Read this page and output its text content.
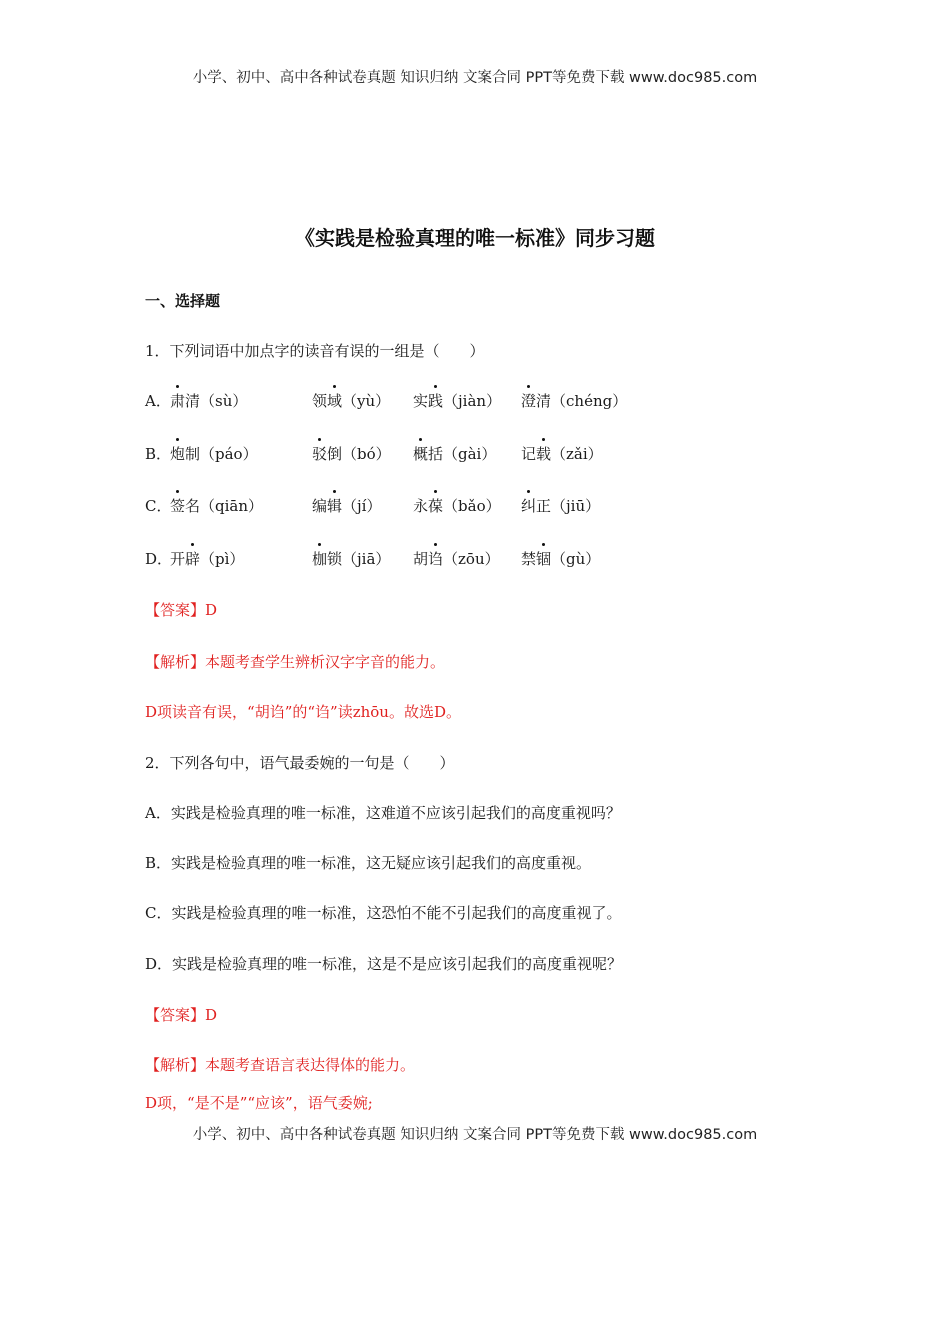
小学、初中、高中各种试卷真题 知识归纳 文案合同 PPT等免费下载 www.doc985.com
《实践是检验真理的唯一标准》同步习题
一、选择题
1．下列词语中加点字的读音有误的一组是（　　）
A． 肃清（sù）	领域（yù） 实践（jiàn） 澄清（chéng）
B．
炮制（páo）	驳倒（bó） 概括（gài） 记载（zǎi）
C．
签名（qiān）	编辑（jí） 永葆（bǎo） 纠正（jiū）
D．
开辟（pì）	枷锁（jiā） 胡诌（zōu） 禁锢（gù）
【答案】D
【解析】本题考查学生辨析汉字字音的能力。
D项读音有误，“胡诌”的“诌”读zhōu。故选D。
2．下列各句中，语气最委婉的一句是（　　）
A．实践是检验真理的唯一标准，这难道不应该引起我们的高度重视吗？
B．实践是检验真理的唯一标准，这无疑应该引起我们的高度重视。
C．实践是检验真理的唯一标准，这恐怕不能不引起我们的高度重视了。
D．实践是检验真理的唯一标准，这是不是应该引起我们的高度重视呢？
【答案】D
【解析】本题考查语言表达得体的能力。
D项，“是不是”“应该”，语气委婉;
小学、初中、高中各种试卷真题 知识归纳 文案合同 PPT等免费下载 www.doc985.com
